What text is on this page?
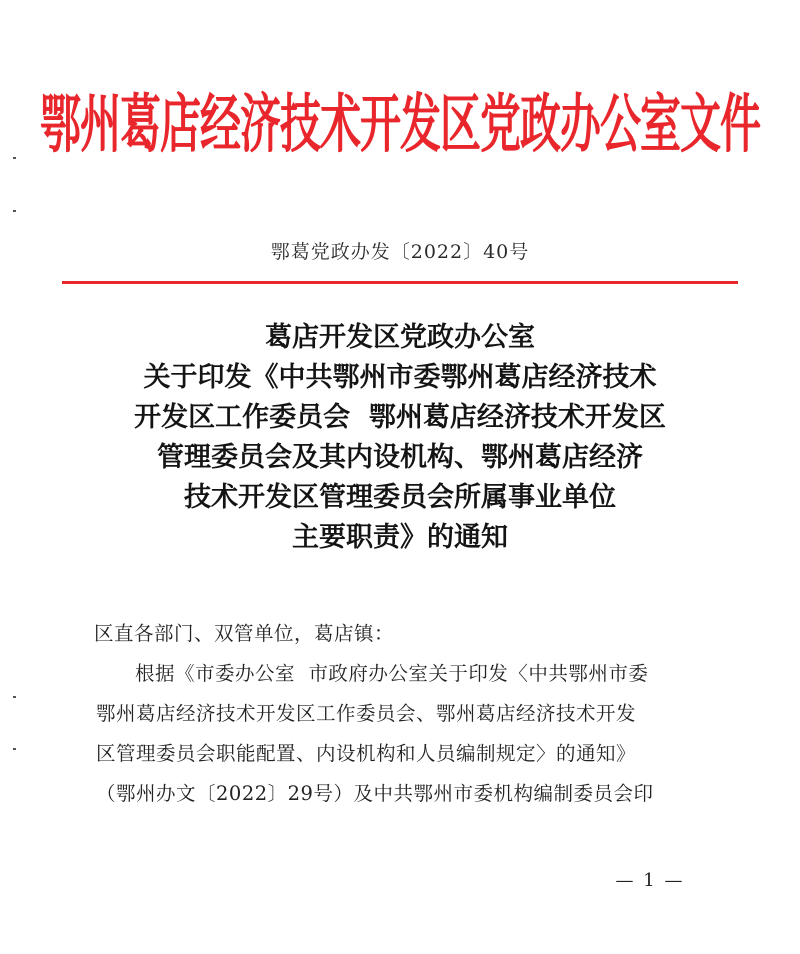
鄂州葛店经济技术开发区党政办公室文件
鄂葛党政办发〔2022〕40号
葛店开发区党政办公室
关于印发《中共鄂州市委鄂州葛店经济技术
开发区工作委员会  鄂州葛店经济技术开发区
管理委员会及其内设机构、鄂州葛店经济
技术开发区管理委员会所属事业单位
主要职责》的通知
区直各部门、双管单位，葛店镇：
根据《市委办公室  市政府办公室关于印发〈中共鄂州市委
鄂州葛店经济技术开发区工作委员会、鄂州葛店经济技术开发
区管理委员会职能配置、内设机构和人员编制规定〉的通知》
（鄂州办文〔2022〕29号）及中共鄂州市委机构编制委员会印
— 1 —
